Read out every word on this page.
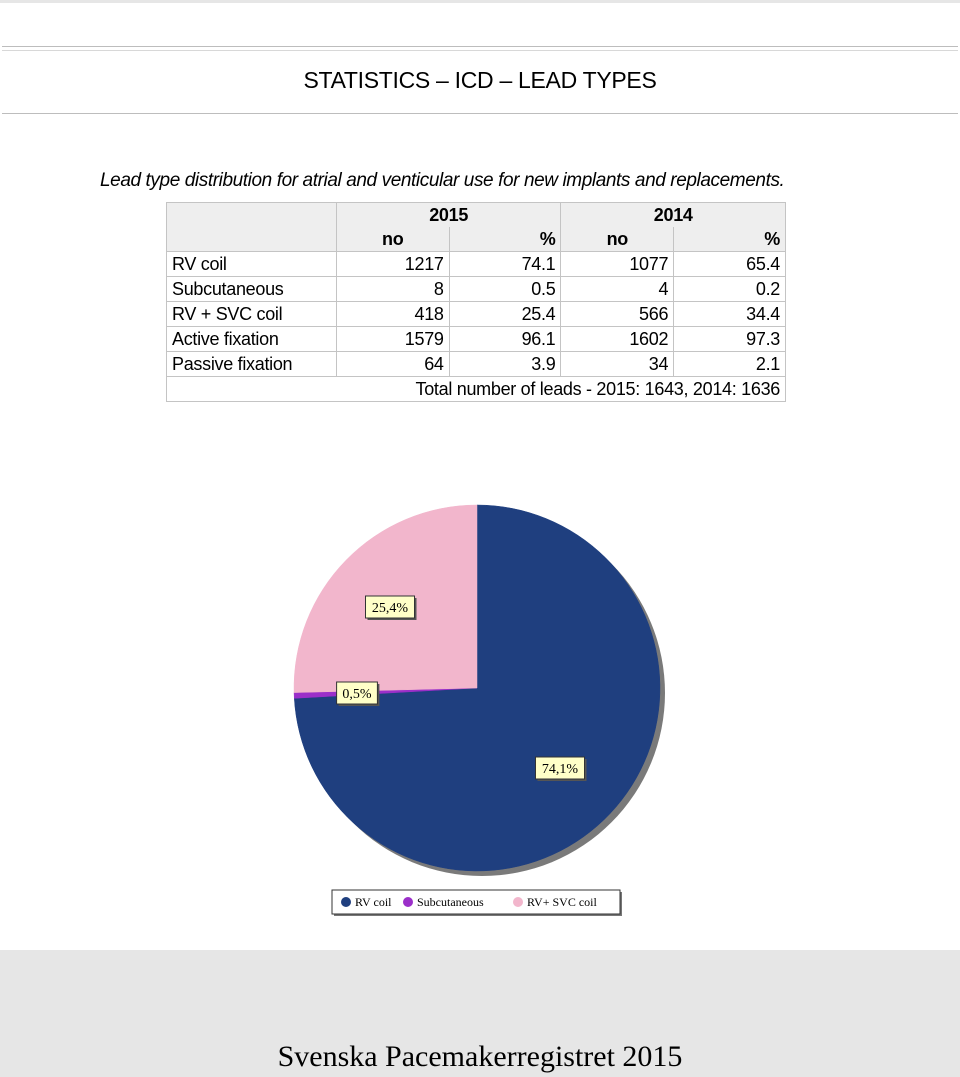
STATISTICS – ICD – LEAD TYPES

Lead type distribution for atrial and venticular use for new implants and replacements.

	2015		2014	
	no	%	no	%
RV coil	1217	74.1	1077	65.4
Subcutaneous	8	0.5	4	0.2
RV + SVC coil	418	25.4	566	34.4
Active fixation	1579	96.1	1602	97.3
Passive fixation	64	3.9	34	2.1
Total number of leads - 2015: 1643, 2014: 1636				
74,1%
0,5%
25,4%
RV coil Subcutaneous	RV+ SVC coil

Svenska Pacemakerregistret 2015
